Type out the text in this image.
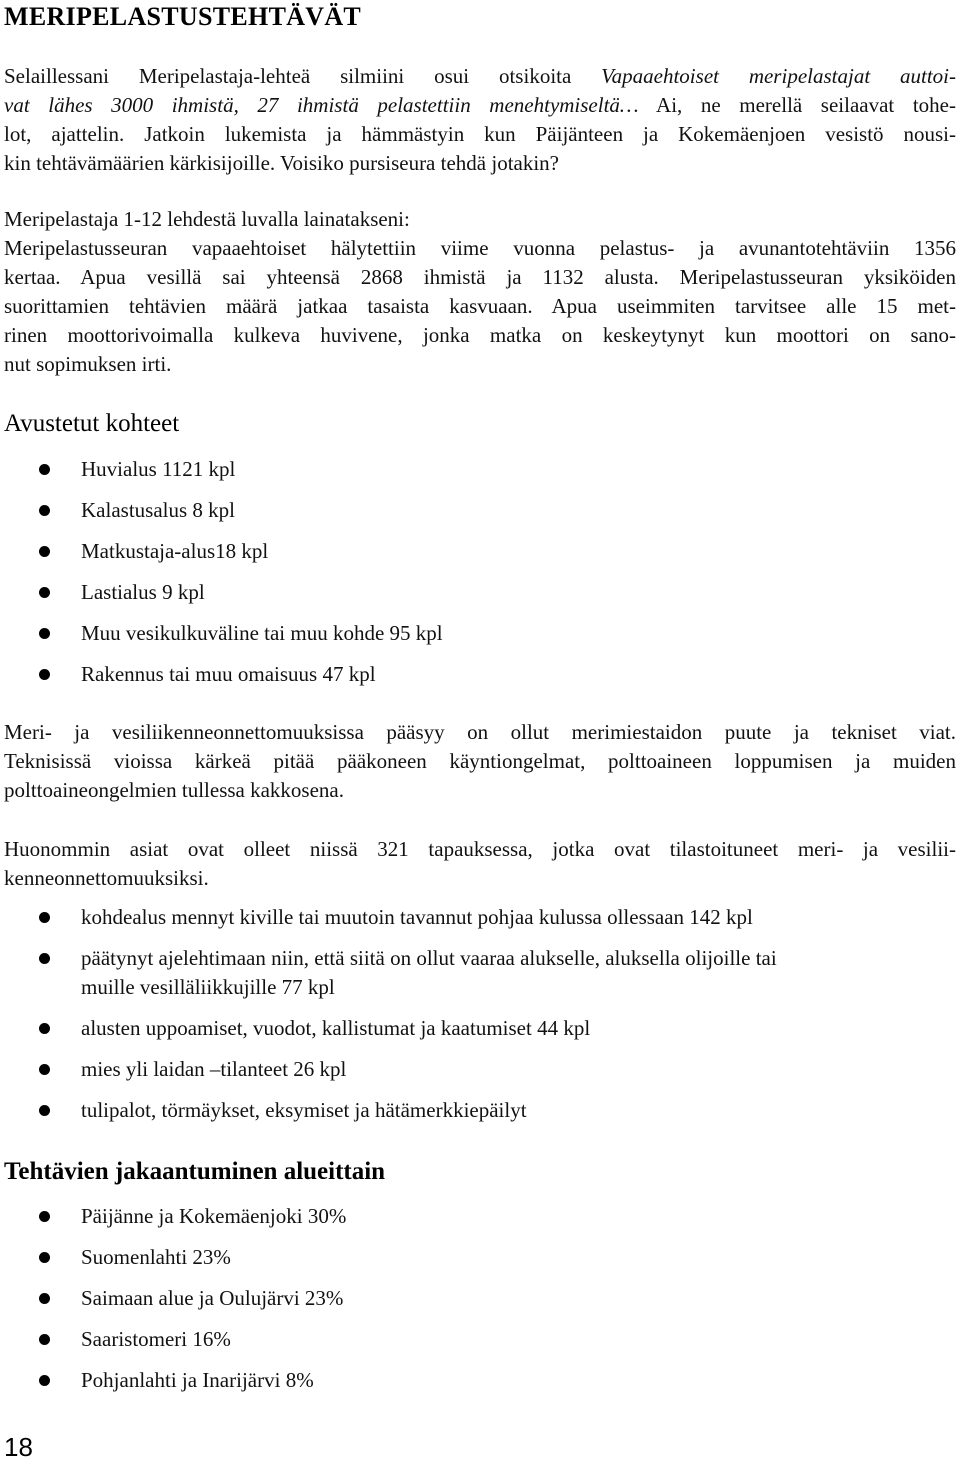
MERIPELASTUSTEHTÄVÄT

Selaillessani Meripelastaja-lehteä silmiini osui otsikoita Vapaaehtoiset meripelastajat auttoi-
vat lähes 3000 ihmistä, 27 ihmistä pelastettiin menehtymiseltä… Ai, ne merellä seilaavat tohe-
lot, ajattelin. Jatkoin lukemista ja hämmästyin kun Päijänteen ja Kokemäenjoen vesistö nousi-
kin tehtävämäärien kärkisijoille. Voisiko pursiseura tehdä jotakin?

Meripelastaja 1-12 lehdestä luvalla lainatakseni:
Meripelastusseuran vapaaehtoiset hälytettiin viime vuonna pelastus- ja avunantotehtäviin 1356
kertaa. Apua vesillä sai yhteensä 2868 ihmistä ja 1132 alusta. Meripelastusseuran yksiköiden
suorittamien tehtävien määrä jatkaa tasaista kasvuaan. Apua useimmiten tarvitsee alle 15 met-
rinen moottorivoimalla kulkeva huvivene, jonka matka on keskeytynyt kun moottori on sano-
nut sopimuksen irti.

Avustetut kohteet
Huvialus 1121 kpl
Kalastusalus 8 kpl
Matkustaja-alus18 kpl
Lastialus 9 kpl
Muu vesikulkuväline tai muu kohde 95 kpl
Rakennus tai muu omaisuus 47 kpl

Meri- ja vesiliikenneonnettomuuksissa pääsyy on ollut merimiestaidon puute ja tekniset viat.
Teknisissä vioissa kärkeä pitää pääkoneen käyntiongelmat, polttoaineen loppumisen ja muiden
polttoaineongelmien tullessa kakkosena.

Huonommin asiat ovat olleet niissä 321 tapauksessa, jotka ovat tilastoituneet meri- ja vesilii-
kenneonnettomuuksiksi.

kohdealus mennyt kiville tai muutoin tavannut pohjaa kulussa ollessaan 142 kpl
päätynyt ajelehtimaan niin, että siitä on ollut vaaraa alukselle, aluksella olijoille tai
muille vesilläliikkujille 77 kpl
alusten uppoamiset, vuodot, kallistumat ja kaatumiset 44 kpl
mies yli laidan –tilanteet 26 kpl
tulipalot, törmäykset, eksymiset ja hätämerkkiepäilyt
Tehtävien jakaantuminen alueittain
Päijänne ja Kokemäenjoki 30%
Suomenlahti 23%
Saimaan alue ja Oulujärvi 23%
Saaristomeri 16%
Pohjanlahti ja Inarijärvi 8%
18
